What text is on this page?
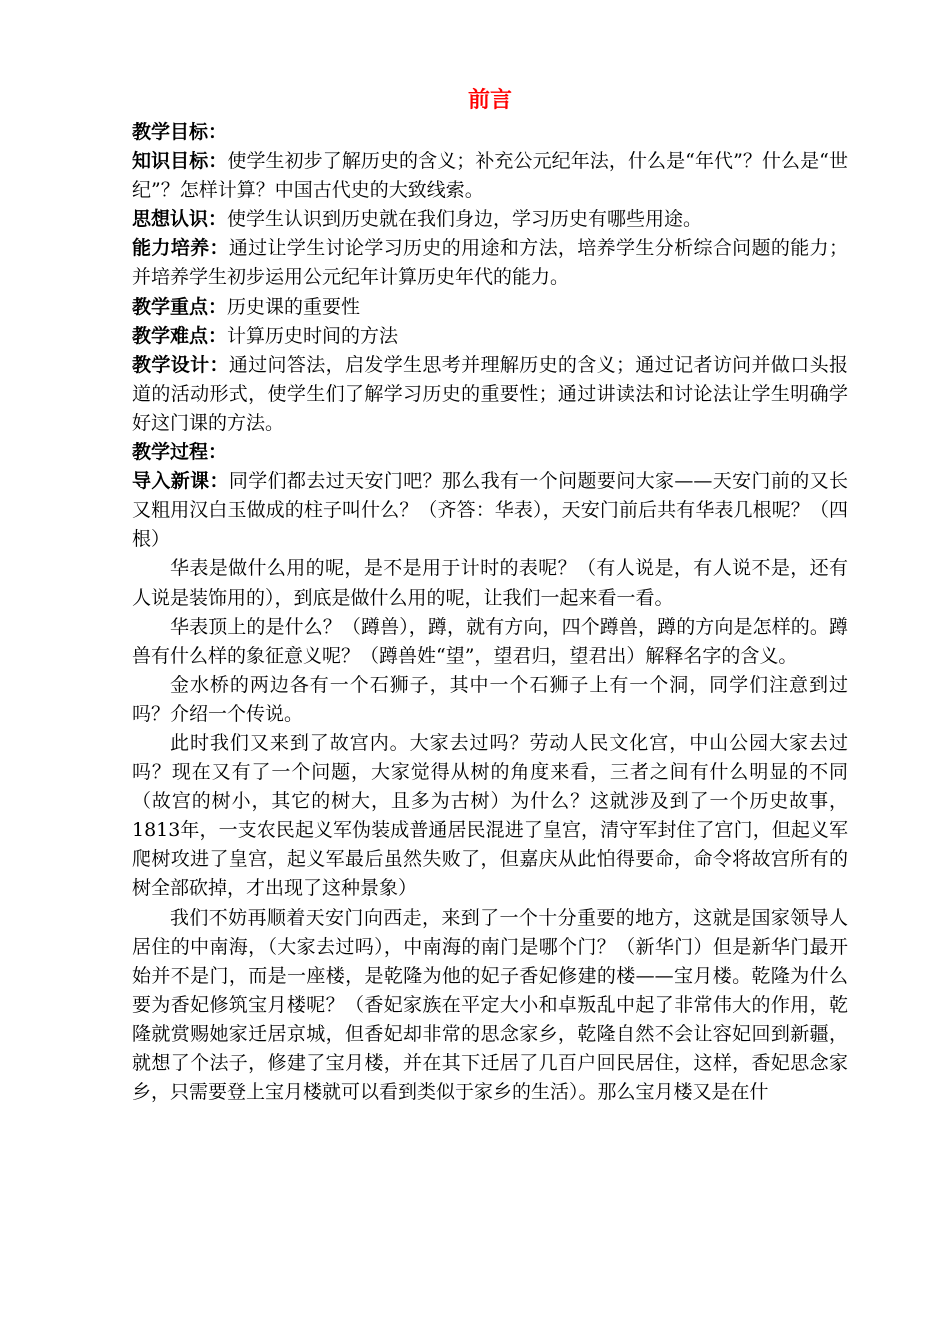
前言

教学目标：

知识目标：使学生初步了解历史的含义；补充公元纪年法，什么是“年代”？什么是“世纪”？怎样计算？中国古代史的大致线索。

思想认识：使学生认识到历史就在我们身边，学习历史有哪些用途。

能力培养：通过让学生讨论学习历史的用途和方法，培养学生分析综合问题的能力；并培养学生初步运用公元纪年计算历史年代的能力。

教学重点：历史课的重要性

教学难点：计算历史时间的方法

教学设计：通过问答法，启发学生思考并理解历史的含义；通过记者访问并做口头报道的活动形式，使学生们了解学习历史的重要性；通过讲读法和讨论法让学生明确学好这门课的方法。

教学过程：

导入新课：同学们都去过天安门吧？那么我有一个问题要问大家——天安门前的又长又粗用汉白玉做成的柱子叫什么？（齐答：华表），天安门前后共有华表几根呢？（四根）

华表是做什么用的呢，是不是用于计时的表呢？（有人说是，有人说不是，还有人说是装饰用的），到底是做什么用的呢，让我们一起来看一看。

华表顶上的是什么？（蹲兽），蹲，就有方向，四个蹲兽，蹲的方向是怎样的。蹲兽有什么样的象征意义呢？（蹲兽姓“望”，望君归，望君出）解释名字的含义。

金水桥的两边各有一个石狮子，其中一个石狮子上有一个洞，同学们注意到过吗？介绍一个传说。

此时我们又来到了故宫内。大家去过吗？劳动人民文化宫，中山公园大家去过吗？现在又有了一个问题，大家觉得从树的角度来看，三者之间有什么明显的不同（故宫的树小，其它的树大，且多为古树）为什么？这就涉及到了一个历史故事，1813年，一支农民起义军伪装成普通居民混进了皇宫，清守军封住了宫门，但起义军爬树攻进了皇宫，起义军最后虽然失败了，但嘉庆从此怕得要命，命令将故宫所有的树全部砍掉，才出现了这种景象）

我们不妨再顺着天安门向西走，来到了一个十分重要的地方，这就是国家领导人居住的中南海，（大家去过吗），中南海的南门是哪个门？（新华门）但是新华门最开始并不是门，而是一座楼，是乾隆为他的妃子香妃修建的楼——宝月楼。乾隆为什么要为香妃修筑宝月楼呢？（香妃家族在平定大小和卓叛乱中起了非常伟大的作用，乾隆就赏赐她家迁居京城，但香妃却非常的思念家乡，乾隆自然不会让容妃回到新疆，就想了个法子，修建了宝月楼，并在其下迁居了几百户回民居住，这样，香妃思念家乡，只需要登上宝月楼就可以看到类似于家乡的生活）。那么宝月楼又是在什
